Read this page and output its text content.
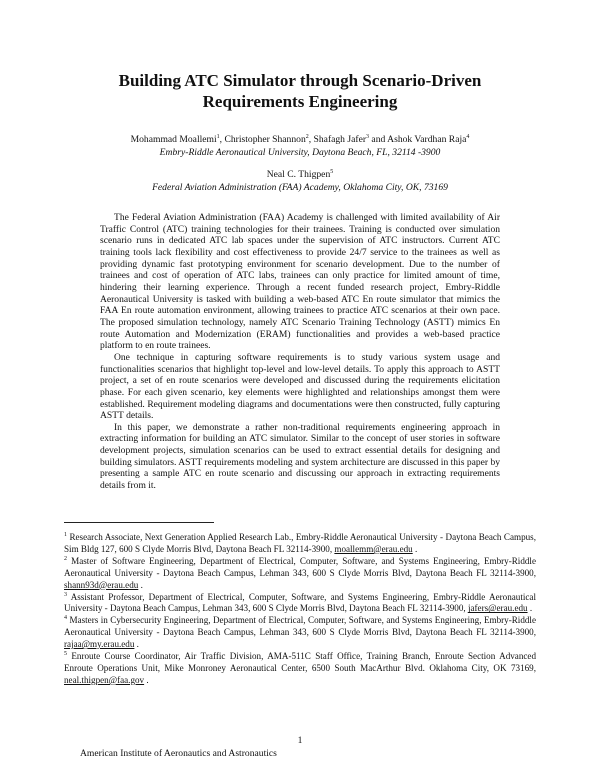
Building ATC Simulator through Scenario-Driven
Requirements Engineering
Mohammad Moallemi$^1$, Christopher Shannon$^2$, Shafagh Jafer$^3$ and Ashok Vardhan Raja$^4$
Embry-Riddle Aeronautical University, Daytona Beach, FL, 32114 -3900
Neal C. Thigpen$^5$
Federal Aviation Administration (FAA) Academy, Oklahoma City, OK, 73169

The Federal Aviation Administration (FAA) Academy is challenged with limited availability of Air Traffic Control (ATC) training technologies for their trainees. Training is conducted over simulation scenario runs in dedicated ATC lab spaces under the supervision of ATC instructors. Current ATC training tools lack flexibility and cost effectiveness to provide 24/7 service to the trainees as well as providing dynamic fast prototyping environment for scenario development. Due to the number of trainees and cost of operation of ATC labs, trainees can only practice for limited amount of time, hindering their learning experience. Through a recent funded research project, Embry-Riddle Aeronautical University is tasked with building a web-based ATC En route simulator that mimics the FAA En route automation environment, allowing trainees to practice ATC scenarios at their own pace. The proposed simulation technology, namely ATC Scenario Training Technology (ASTT) mimics En route Automation and Modernization (ERAM) functionalities and provides a web-based practice platform to en route trainees.

One technique in capturing software requirements is to study various system usage and functionalities scenarios that highlight top-level and low-level details. To apply this approach to ASTT project, a set of en route scenarios were developed and discussed during the requirements elicitation phase. For each given scenario, key elements were highlighted and relationships amongst them were established. Requirement modeling diagrams and documentations were then constructed, fully capturing ASTT details.

In this paper, we demonstrate a rather non-traditional requirements engineering approach in extracting information for building an ATC simulator. Similar to the concept of user stories in software development projects, simulation scenarios can be used to extract essential details for designing and building simulators. ASTT requirements modeling and system architecture are discussed in this paper by presenting a sample ATC en route scenario and discussing our approach in extracting requirements details from it.

$^1$ Research Associate, Next Generation Applied Research Lab., Embry-Riddle Aeronautical University - Daytona Beach Campus, Sim Bldg 127, 600 S Clyde Morris Blvd, Daytona Beach FL 32114-3900, moallemm@erau.edu .

$^2$ Master of Software Engineering, Department of Electrical, Computer, Software, and Systems Engineering, Embry-Riddle Aeronautical University - Daytona Beach Campus, Lehman 343, 600 S Clyde Morris Blvd, Daytona Beach FL 32114-3900, shann93d@erau.edu .

$^3$ Assistant Professor, Department of Electrical, Computer, Software, and Systems Engineering, Embry-Riddle Aeronautical University - Daytona Beach Campus, Lehman 343, 600 S Clyde Morris Blvd, Daytona Beach FL 32114-3900, jafers@erau.edu .

$^4$ Masters in Cybersecurity Engineering, Department of Electrical, Computer, Software, and Systems Engineering, Embry-Riddle Aeronautical University - Daytona Beach Campus, Lehman 343, 600 S Clyde Morris Blvd, Daytona Beach FL 32114-3900, rajaa@my.erau.edu .

$^5$ Enroute Course Coordinator, Air Traffic Division, AMA-511C Staff Office, Training Branch, Enroute Section Advanced Enroute Operations Unit, Mike Monroney Aeronautical Center, 6500 South MacArthur Blvd. Oklahoma City, OK 73169, neal.thigpen@faa.gov .

1
American Institute of Aeronautics and Astronautics
